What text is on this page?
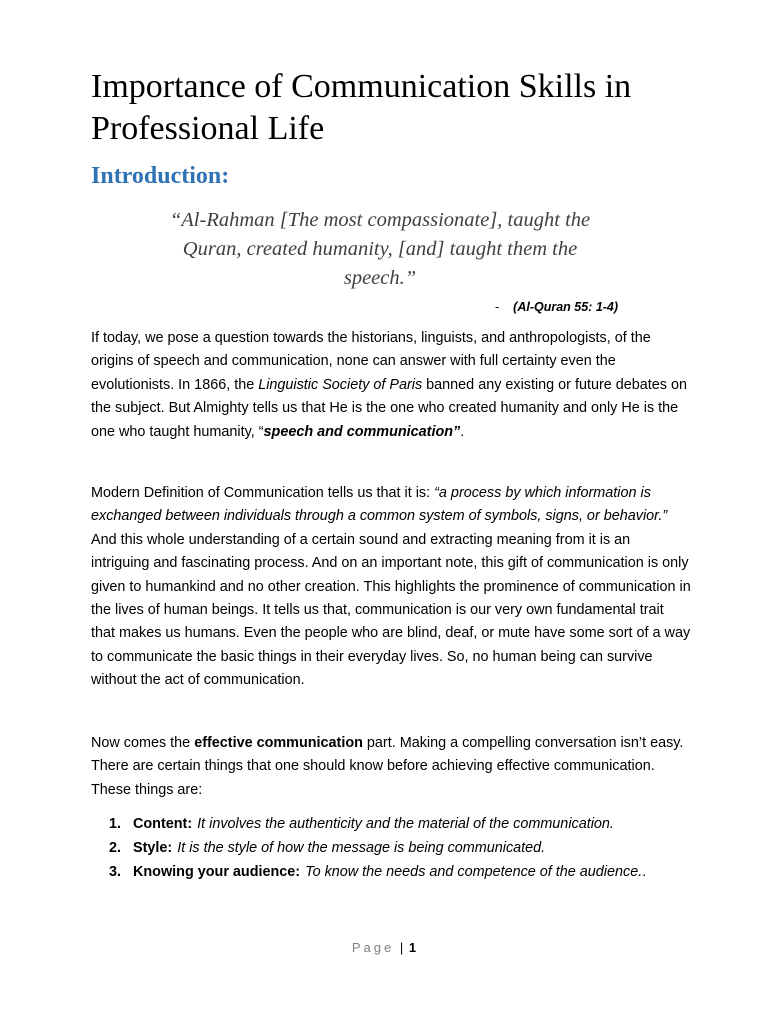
Importance of Communication Skills in Professional Life
Introduction:

“Al-Rahman [The most compassionate], taught the Quran, created humanity, [and] taught them the speech.”

- (Al-Quran 55: 1-4)

If today, we pose a question towards the historians, linguists, and anthropologists, of the origins of speech and communication, none can answer with full certainty even the evolutionists. In 1866, the Linguistic Society of Paris banned any existing or future debates on the subject. But Almighty tells us that He is the one who created humanity and only He is the one who taught humanity, “speech and communication”.

Modern Definition of Communication tells us that it is: “a process by which information is exchanged between individuals through a common system of symbols, signs, or behavior.” And this whole understanding of a certain sound and extracting meaning from it is an intriguing and fascinating process. And on an important note, this gift of communication is only given to humankind and no other creation. This highlights the prominence of communication in the lives of human beings. It tells us that, communication is our very own fundamental trait that makes us humans. Even the people who are blind, deaf, or mute have some sort of a way to communicate the basic things in their everyday lives. So, no human being can survive without the act of communication.

Now comes the effective communication part. Making a compelling conversation isn’t easy. There are certain things that one should know before achieving effective communication. These things are:

1. Content: It involves the authenticity and the material of the communication.
2. Style: It is the style of how the message is being communicated.
3. Knowing your audience: To know the needs and competence of the audience..
Page | 1
